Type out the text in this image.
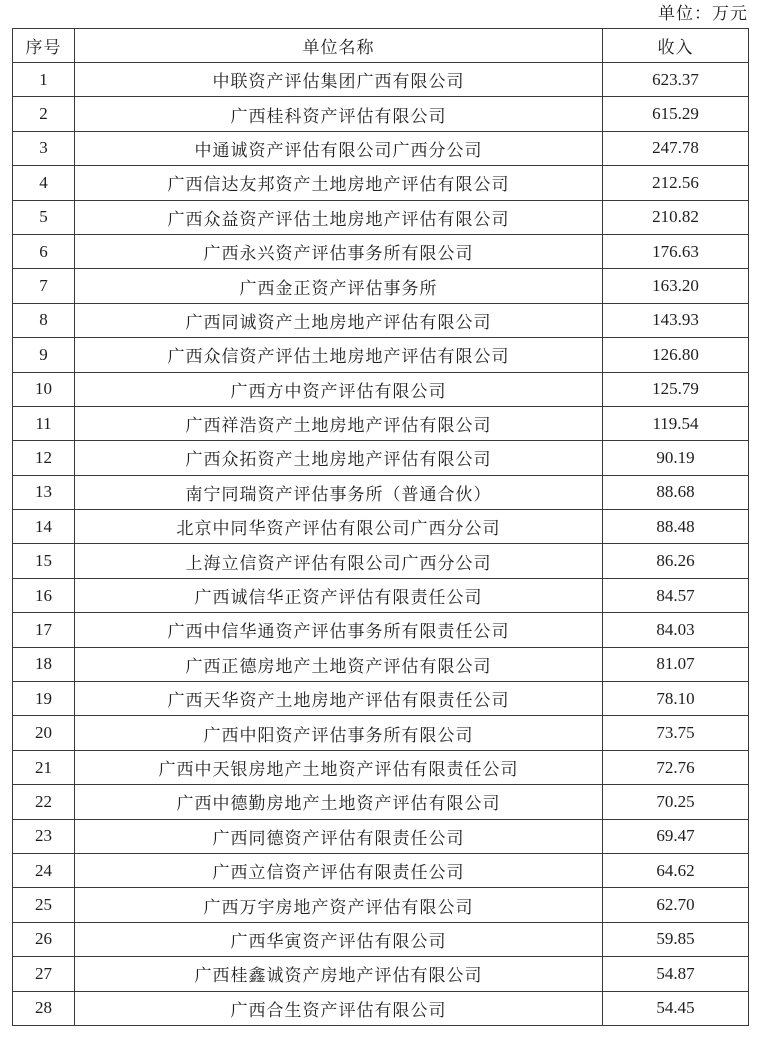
单位：万元
序号	单位名称	收入
1	中联资产评估集团广西有限公司	623.37
2	广西桂科资产评估有限公司	615.29
3	中通诚资产评估有限公司广西分公司	247.78
4	广西信达友邦资产土地房地产评估有限公司	212.56
5	广西众益资产评估土地房地产评估有限公司	210.82
6	广西永兴资产评估事务所有限公司	176.63
7	广西金正资产评估事务所	163.20
8	广西同诚资产土地房地产评估有限公司	143.93
9	广西众信资产评估土地房地产评估有限公司	126.80
10	广西方中资产评估有限公司	125.79
11	广西祥浩资产土地房地产评估有限公司	119.54
12	广西众拓资产土地房地产评估有限公司	90.19
13	南宁同瑞资产评估事务所（普通合伙）	88.68
14	北京中同华资产评估有限公司广西分公司	88.48
15	上海立信资产评估有限公司广西分公司	86.26
16	广西诚信华正资产评估有限责任公司	84.57
17	广西中信华通资产评估事务所有限责任公司	84.03
18	广西正德房地产土地资产评估有限公司	81.07
19	广西天华资产土地房地产评估有限责任公司	78.10
20	广西中阳资产评估事务所有限公司	73.75
21	广西中天银房地产土地资产评估有限责任公司	72.76
22	广西中德勤房地产土地资产评估有限公司	70.25
23	广西同德资产评估有限责任公司	69.47
24	广西立信资产评估有限责任公司	64.62
25	广西万宇房地产资产评估有限公司	62.70
26	广西华寅资产评估有限公司	59.85
27	广西桂鑫诚资产房地产评估有限公司	54.87
28	广西合生资产评估有限公司	54.45
